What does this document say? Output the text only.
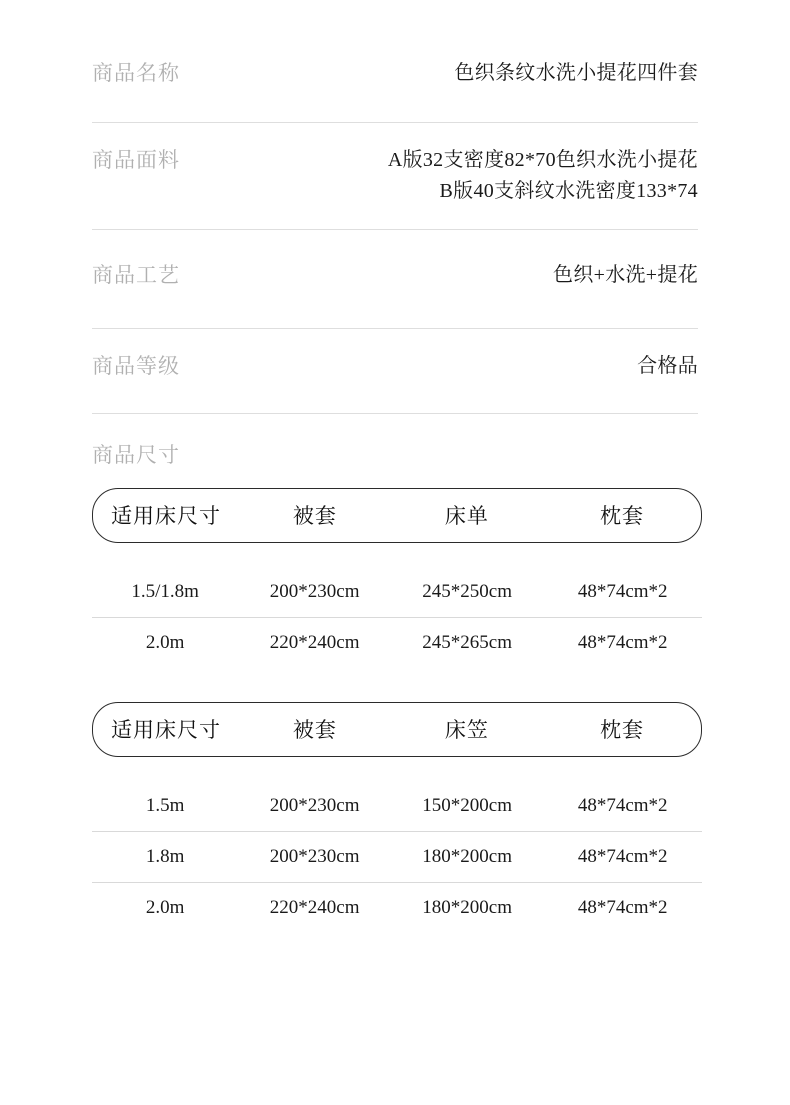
商品名称	色织条纹水洗小提花四件套
商品面料	A版32支密度82*70色织水洗小提花
B版40支斜纹水洗密度133*74
商品工艺	色织+水洗+提花
商品等级	合格品
商品尺寸
适用床尺寸	被套	床单	枕套
1.5/1.8m	200*230cm	245*250cm	48*74cm*2
2.0m	220*240cm	245*265cm	48*74cm*2
适用床尺寸	被套	床笠	枕套
1.5m	200*230cm	150*200cm	48*74cm*2
1.8m	200*230cm	180*200cm	48*74cm*2
2.0m	220*240cm	180*200cm	48*74cm*2
